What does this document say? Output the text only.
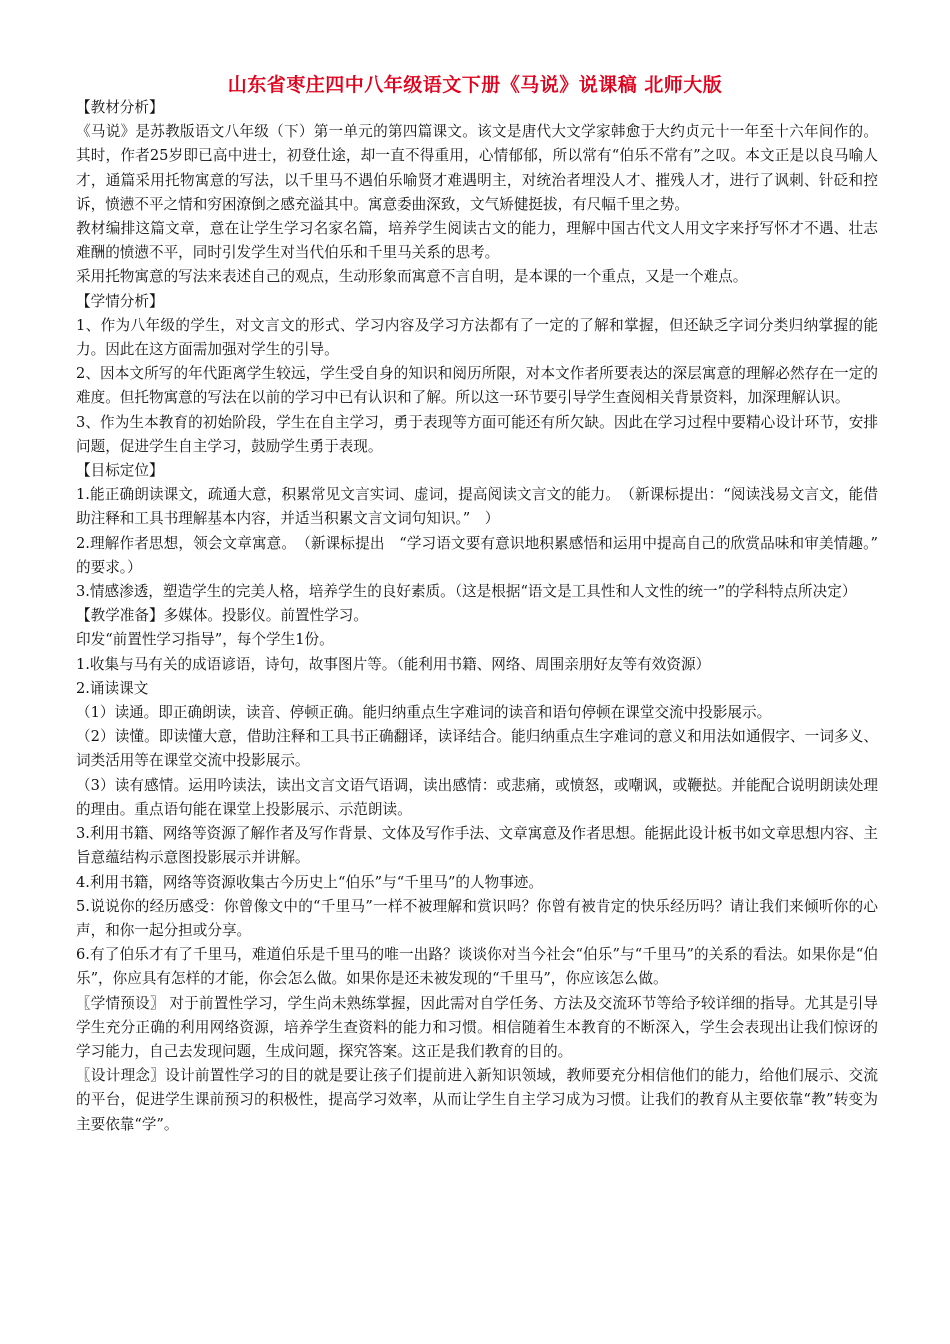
山东省枣庄四中八年级语文下册《马说》说课稿 北师大版

【教材分析】

《马说》是苏教版语文八年级（下）第一单元的第四篇课文。该文是唐代大文学家韩愈于大约贞元十一年至十六年间作的。其时，作者25岁即已高中进士，初登仕途，却一直不得重用，心情郁郁，所以常有“伯乐不常有”之叹。本文正是以良马喻人才，通篇采用托物寓意的写法，以千里马不遇伯乐喻贤才难遇明主，对统治者埋没人才、摧残人才，进行了讽刺、针砭和控诉，愤懑不平之情和穷困潦倒之感充溢其中。寓意委曲深致，文气矫健挺拔，有尺幅千里之势。

教材编排这篇文章，意在让学生学习名家名篇，培养学生阅读古文的能力，理解中国古代文人用文字来抒写怀才不遇、壮志难酬的愤懑不平，同时引发学生对当代伯乐和千里马关系的思考。

采用托物寓意的写法来表述自己的观点，生动形象而寓意不言自明，是本课的一个重点，又是一个难点。

【学情分析】

1、作为八年级的学生，对文言文的形式、学习内容及学习方法都有了一定的了解和掌握，但还缺乏字词分类归纳掌握的能力。因此在这方面需加强对学生的引导。

2、因本文所写的年代距离学生较远，学生受自身的知识和阅历所限，对本文作者所要表达的深层寓意的理解必然存在一定的难度。但托物寓意的写法在以前的学习中已有认识和了解。所以这一环节要引导学生查阅相关背景资料，加深理解认识。

3、作为生本教育的初始阶段，学生在自主学习，勇于表现等方面可能还有所欠缺。因此在学习过程中要精心设计环节，安排问题，促进学生自主学习，鼓励学生勇于表现。

【目标定位】

1.能正确朗读课文，疏通大意，积累常见文言实词、虚词，提高阅读文言文的能力。　（新课标提出：“阅读浅易文言文，能借助注释和工具书理解基本内容，并适当积累文言文词句知识。”　）

2.理解作者思想，领会文章寓意。　（新课标提出　“学习语文要有意识地积累感悟和运用中提高自己的欣赏品味和审美情趣。”　的要求。）

3.情感渗透，塑造学生的完美人格，培养学生的良好素质。（这是根据“语文是工具性和人文性的统一”的学科特点所决定）

【教学准备】多媒体。投影仪。前置性学习。

印发“前置性学习指导”，每个学生1份。

1.收集与马有关的成语谚语，诗句，故事图片等。（能利用书籍、网络、周围亲朋好友等有效资源）

2.诵读课文

（1）读通。即正确朗读，读音、停顿正确。能归纳重点生字难词的读音和语句停顿在课堂交流中投影展示。

（2）读懂。即读懂大意，借助注释和工具书正确翻译，读译结合。能归纳重点生字难词的意义和用法如通假字、一词多义、词类活用等在课堂交流中投影展示。

（3）读有感情。运用吟读法，读出文言文语气语调，读出感情：或悲痛，或愤怒，或嘲讽，或鞭挞。并能配合说明朗读处理的理由。重点语句能在课堂上投影展示、示范朗读。

3.利用书籍、网络等资源了解作者及写作背景、文体及写作手法、文章寓意及作者思想。能据此设计板书如文章思想内容、主旨意蕴结构示意图投影展示并讲解。

4.利用书籍，网络等资源收集古今历史上“伯乐”与“千里马”的人物事迹。

5.说说你的经历感受：你曾像文中的“千里马”一样不被理解和赏识吗？你曾有被肯定的快乐经历吗？请让我们来倾听你的心声，和你一起分担或分享。

6.有了伯乐才有了千里马，难道伯乐是千里马的唯一出路？谈谈你对当今社会“伯乐”与“千里马”的关系的看法。如果你是“伯乐”，你应具有怎样的才能，你会怎么做。如果你是还未被发现的“千里马”，你应该怎么做。

〖学情预设〗 对于前置性学习，学生尚未熟练掌握，因此需对自学任务、方法及交流环节等给予较详细的指导。尤其是引导学生充分正确的利用网络资源，培养学生查资料的能力和习惯。相信随着生本教育的不断深入，学生会表现出让我们惊讶的学习能力，自己去发现问题，生成问题，探究答案。这正是我们教育的目的。

〖设计理念〗设计前置性学习的目的就是要让孩子们提前进入新知识领域，教师要充分相信他们的能力，给他们展示、交流的平台，促进学生课前预习的积极性，提高学习效率，从而让学生自主学习成为习惯。让我们的教育从主要依靠“教”转变为主要依靠“学”。
